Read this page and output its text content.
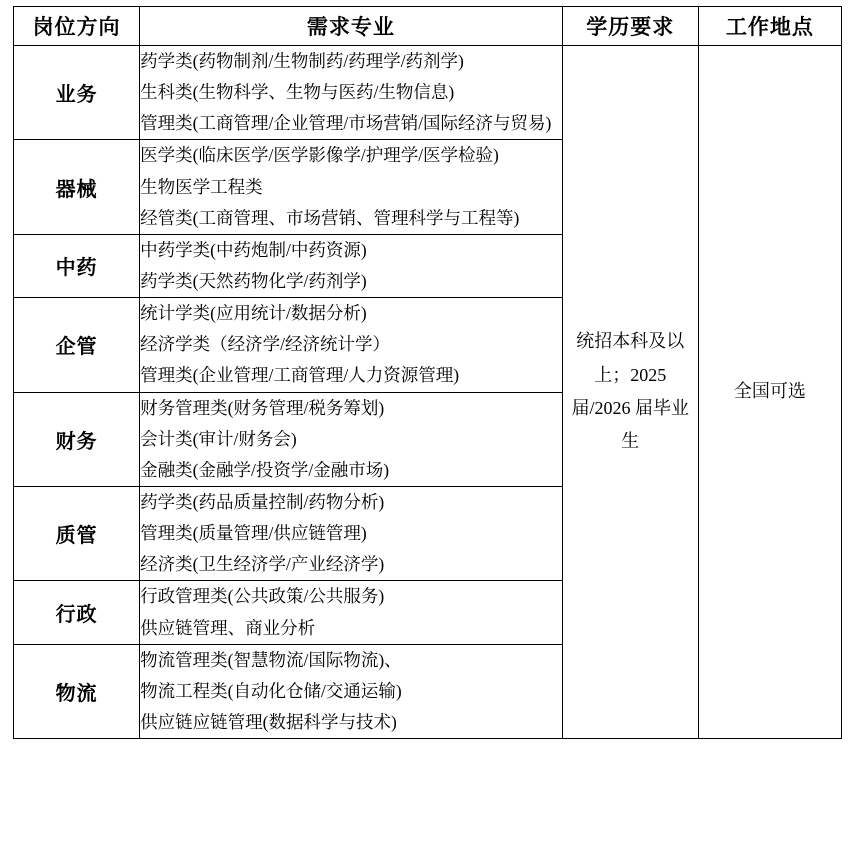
岗位方向	需求专业	学历要求	工作地点
业务	药学类(药物制剂/生物制药/药理学/药剂学)
生科类(生物科学、生物与医药/生物信息)
管理类(工商管理/企业管理/市场营销/国际经济与贸易)	统招本科及以上；2025 届/2026 届毕业生	全国可选
器械	医学类(临床医学/医学影像学/护理学/医学检验)
生物医学工程类
经管类(工商管理、市场营销、管理科学与工程等)		

中药	中药学类(中药炮制/中药资源)
药学类(天然药物化学/药剂学)		

企管	统计学类(应用统计/数据分析)
经济学类（经济学/经济统计学）
管理类(企业管理/工商管理/人力资源管理)		

财务	财务管理类(财务管理/税务筹划)
会计类(审计/财务会)
金融类(金融学/投资学/金融市场)		

质管	药学类(药品质量控制/药物分析)
管理类(质量管理/供应链管理)
经济类(卫生经济学/产业经济学)		

行政	行政管理类(公共政策/公共服务)
供应链管理、商业分析		

物流	物流管理类(智慧物流/国际物流)、
物流工程类(自动化仓储/交通运输)
供应链应链管理(数据科学与技术)		
